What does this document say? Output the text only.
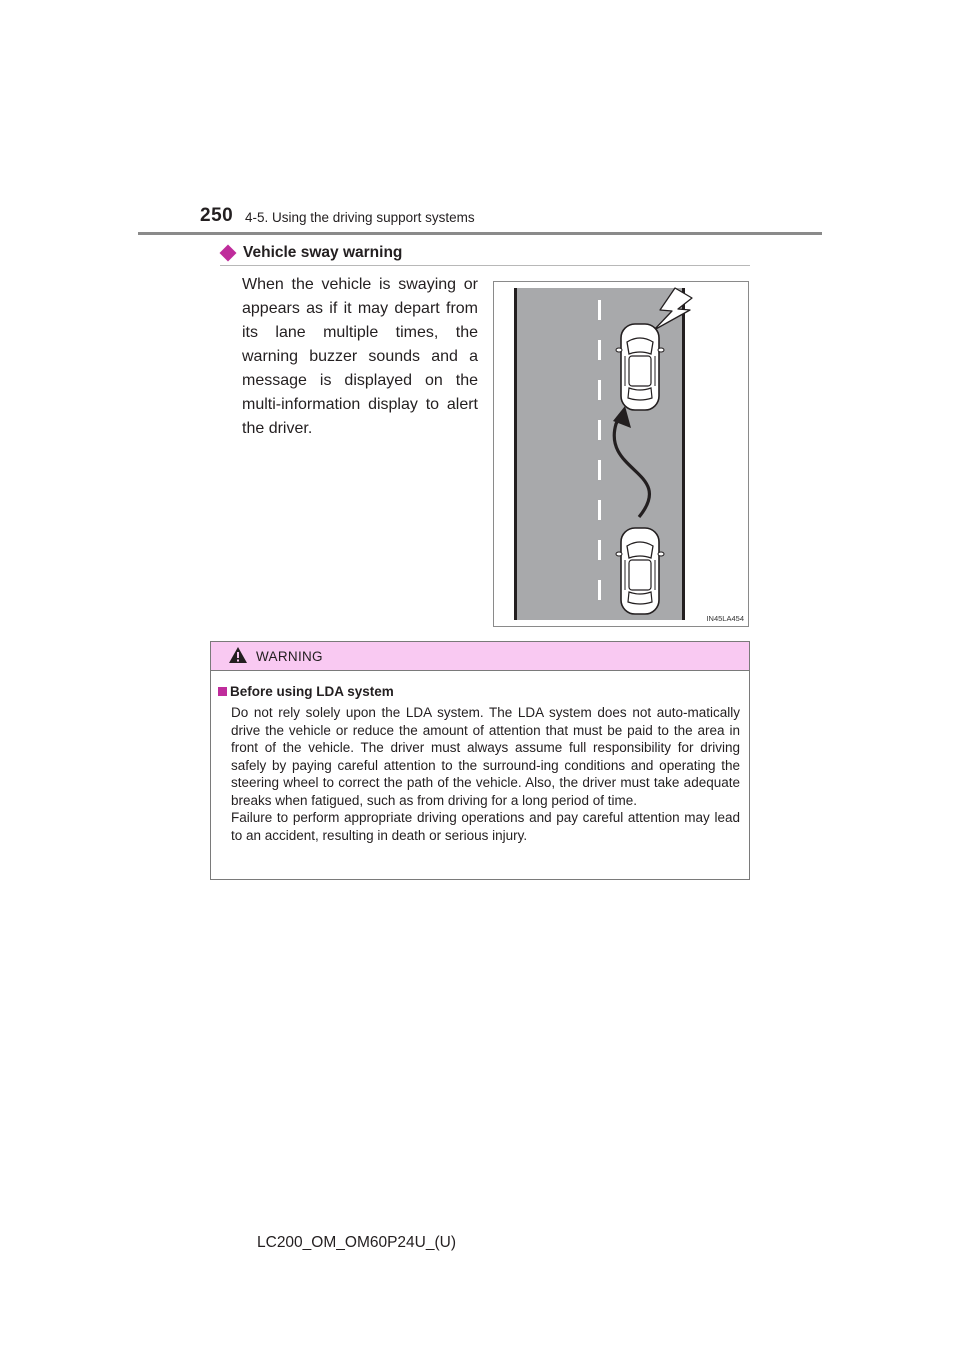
250 4-5. Using the driving support systems
Vehicle sway warning
When the vehicle is swaying or appears as if it may depart from its lane multiple times, the warning buzzer sounds and a message is displayed on the multi-information display to alert the driver.
IN45LA454
WARNING
Before using LDA system

Do not rely solely upon the LDA system. The LDA system does not auto-matically drive the vehicle or reduce the amount of attention that must be paid to the area in front of the vehicle. The driver must always assume full responsibility for driving safely by paying careful attention to the surround-ing conditions and operating the steering wheel to correct the path of the vehicle. Also, the driver must take adequate breaks when fatigued, such as from driving for a long period of time.

Failure to perform appropriate driving operations and pay careful attention may lead to an accident, resulting in death or serious injury.

LC200_OM_OM60P24U_(U)
